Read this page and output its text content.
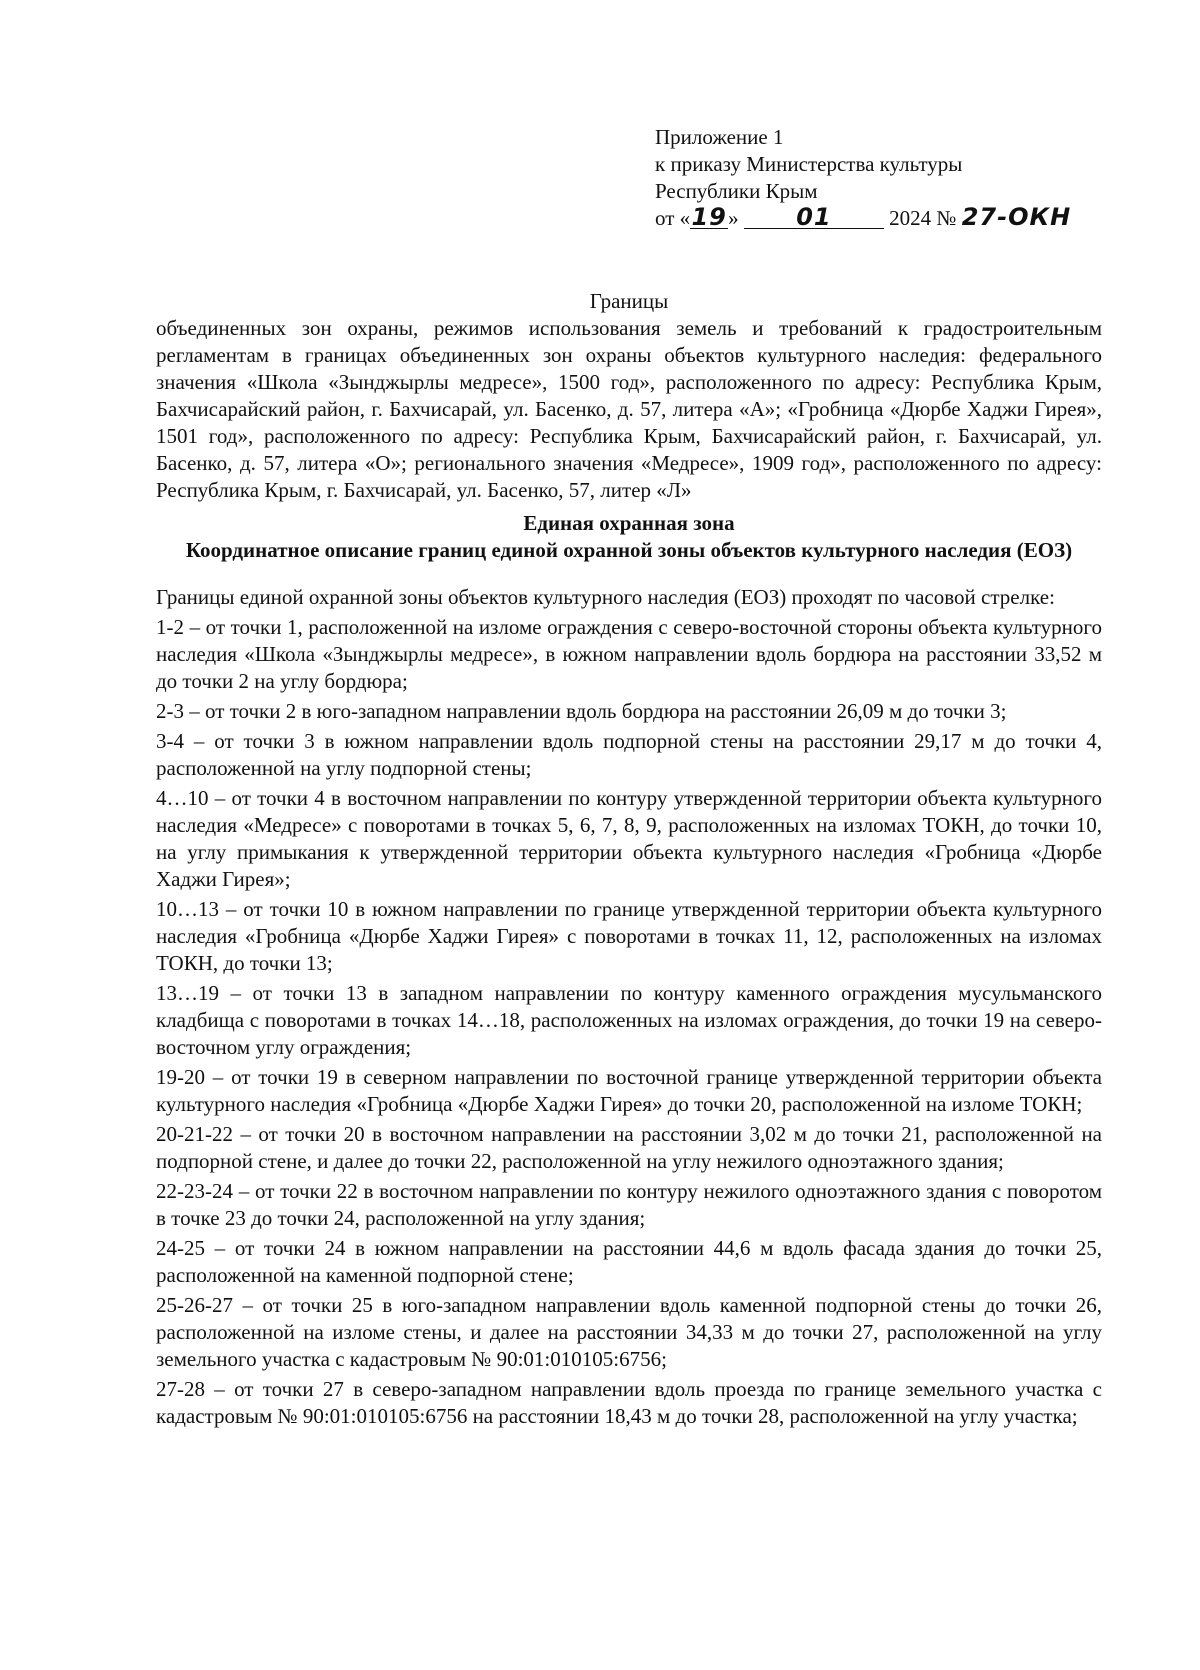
Приложение 1
к приказу Министерства культуры
Республики Крым
от «19» 01	2024 № 27-ОКН
Границы

объединенных зон охраны, режимов использования земель и требований к градостроительным регламентам в границах объединенных зон охраны объектов культурного наследия: федерального значения «Школа «Зынджырлы медресе», 1500 год», расположенного по адресу: Республика Крым, Бахчисарайский район, г. Бахчисарай, ул. Басенко, д. 57, литера «А»; «Гробница «Дюрбе Хаджи Гирея», 1501 год», расположенного по адресу: Республика Крым, Бахчисарайский район, г. Бахчисарай, ул. Басенко, д. 57, литера «О»; регионального значения «Медресе», 1909 год», расположенного по адресу: Республика Крым, г. Бахчисарай, ул. Басенко, 57, литер «Л»

Единая охранная зона
Координатное описание границ единой охранной зоны объектов культурного наследия (ЕОЗ)

Границы единой охранной зоны объектов культурного наследия (ЕОЗ) проходят по часовой стрелке:

1-2 – от точки 1, расположенной на изломе ограждения с северо-восточной стороны объекта культурного наследия «Школа «Зынджырлы медресе», в южном направлении вдоль бордюра на расстоянии 33,52 м до точки 2 на углу бордюра;

2-3 – от точки 2 в юго-западном направлении вдоль бордюра на расстоянии 26,09 м до точки 3;

3-4 – от точки 3 в южном направлении вдоль подпорной стены на расстоянии 29,17 м до точки 4, расположенной на углу подпорной стены;

4…10 – от точки 4 в восточном направлении по контуру утвержденной территории объекта культурного наследия «Медресе» с поворотами в точках 5, 6, 7, 8, 9, расположенных на изломах ТОКН, до точки 10, на углу примыкания к утвержденной территории объекта культурного наследия «Гробница «Дюрбе Хаджи Гирея»;

10…13 – от точки 10 в южном направлении по границе утвержденной территории объекта культурного наследия «Гробница «Дюрбе Хаджи Гирея» с поворотами в точках 11, 12, расположенных на изломах ТОКН, до точки 13;

13…19 – от точки 13 в западном направлении по контуру каменного ограждения мусульманского кладбища с поворотами в точках 14…18, расположенных на изломах ограждения, до точки 19 на северо-восточном углу ограждения;

19-20 – от точки 19 в северном направлении по восточной границе утвержденной территории объекта культурного наследия «Гробница «Дюрбе Хаджи Гирея» до точки 20, расположенной на изломе ТОКН;

20-21-22 – от точки 20 в восточном направлении на расстоянии 3,02 м до точки 21, расположенной на подпорной стене, и далее до точки 22, расположенной на углу нежилого одноэтажного здания;

22-23-24 – от точки 22 в восточном направлении по контуру нежилого одноэтажного здания с поворотом в точке 23 до точки 24, расположенной на углу здания;

24-25 – от точки 24 в южном направлении на расстоянии 44,6 м вдоль фасада здания до точки 25, расположенной на каменной подпорной стене;

25-26-27 – от точки 25 в юго-западном направлении вдоль каменной подпорной стены до точки 26, расположенной на изломе стены, и далее на расстоянии 34,33 м до точки 27, расположенной на углу земельного участка с кадастровым № 90:01:010105:6756;

27-28 – от точки 27 в северо-западном направлении вдоль проезда по границе земельного участка с кадастровым № 90:01:010105:6756 на расстоянии 18,43 м до точки 28, расположенной на углу участка;
